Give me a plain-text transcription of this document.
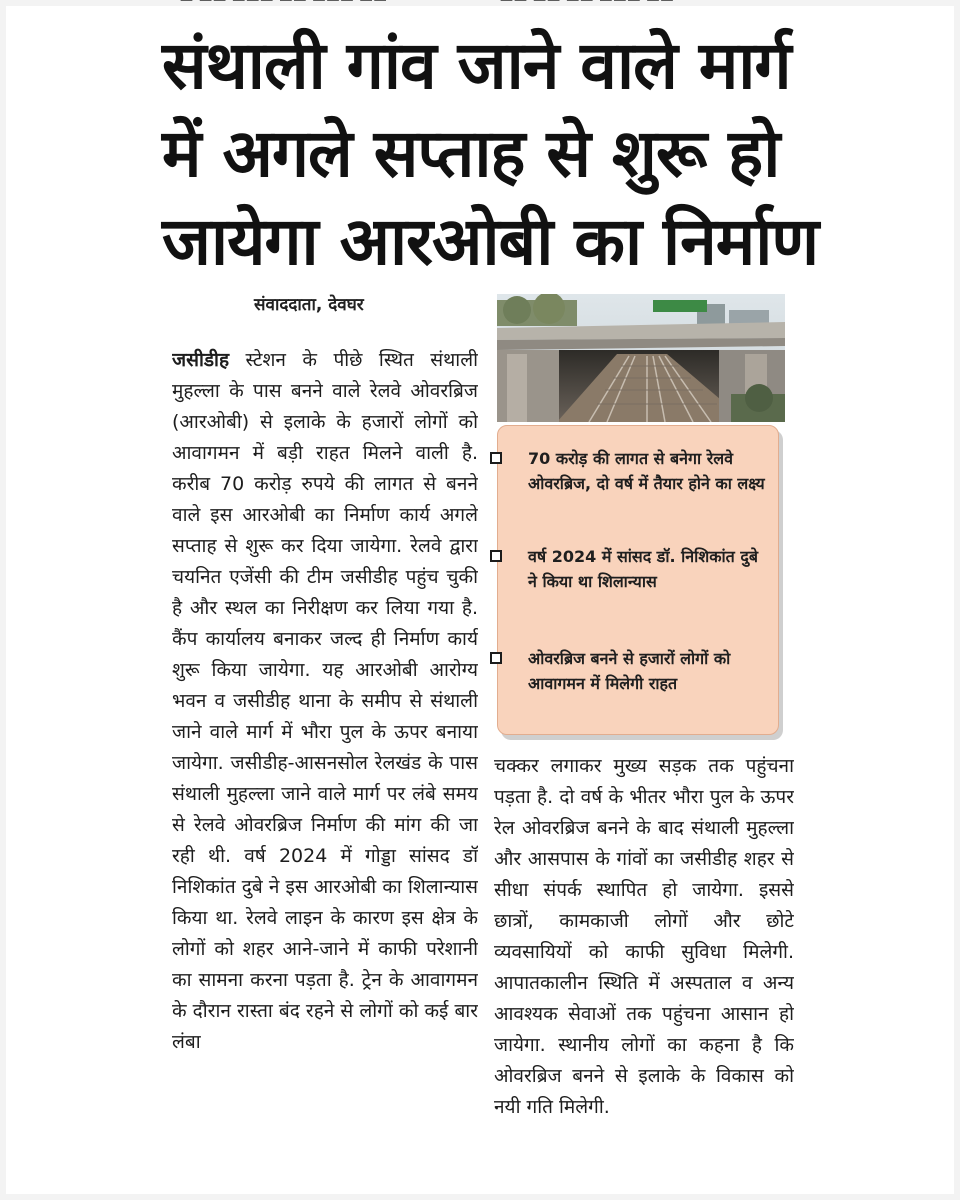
— —— ——— —— ——— ——	—— —— —— ——— ——
संथाली गांव जाने वाले मार्ग
में अगले सप्ताह से शुरू हो
जायेगा आरओबी का निर्माण
संवाददाता, देवघर

जसीडीह स्टेशन के पीछे स्थित संथाली मुहल्ला के पास बनने वाले रेलवे ओवरब्रिज (आरओबी) से इलाके के हजारों लोगों को आवागमन में बड़ी राहत मिलने वाली है. करीब 70 करोड़ रुपये की लागत से बनने वाले इस आरओबी का निर्माण कार्य अगले सप्ताह से शुरू कर दिया जायेगा. रेलवे द्वारा चयनित एजेंसी की टीम जसीडीह पहुंच चुकी है और स्थल का निरीक्षण कर लिया गया है. कैंप कार्यालय बनाकर जल्द ही निर्माण कार्य शुरू किया जायेगा. यह आरओबी आरोग्य भवन व जसीडीह थाना के समीप से संथाली जाने वाले मार्ग में भौरा पुल के ऊपर बनाया जायेगा. जसीडीह-आसनसोल रेलखंड के पास संथाली मुहल्ला जाने वाले मार्ग पर लंबे समय से रेलवे ओवरब्रिज निर्माण की मांग की जा रही थी. वर्ष 2024 में गोड्डा सांसद डॉ निशिकांत दुबे ने इस आरओबी का शिलान्यास किया था. रेलवे लाइन के कारण इस क्षेत्र के लोगों को शहर आने-जाने में काफी परेशानी का सामना करना पड़ता है. ट्रेन के आवागमन के दौरान रास्ता बंद रहने से लोगों को कई बार लंबा

70 करोड़ की लागत से बनेगा रेलवे ओवरब्रिज, दो वर्ष में तैयार होने का लक्ष्य

वर्ष 2024 में सांसद डॉ. निशिकांत दुबे ने किया था शिलान्यास

ओवरब्रिज बनने से हजारों लोगों को आवागमन में मिलेगी राहत

चक्कर लगाकर मुख्य सड़क तक पहुंचना पड़ता है. दो वर्ष के भीतर भौरा पुल के ऊपर रेल ओवरब्रिज बनने के बाद संथाली मुहल्ला और आसपास के गांवों का जसीडीह शहर से सीधा संपर्क स्थापित हो जायेगा. इससे छात्रों, कामकाजी लोगों और छोटे व्यवसायियों को काफी सुविधा मिलेगी. आपातकालीन स्थिति में अस्पताल व अन्य आवश्यक सेवाओं तक पहुंचना आसान हो जायेगा. स्थानीय लोगों का कहना है कि ओवरब्रिज बनने से इलाके के विकास को नयी गति मिलेगी.
